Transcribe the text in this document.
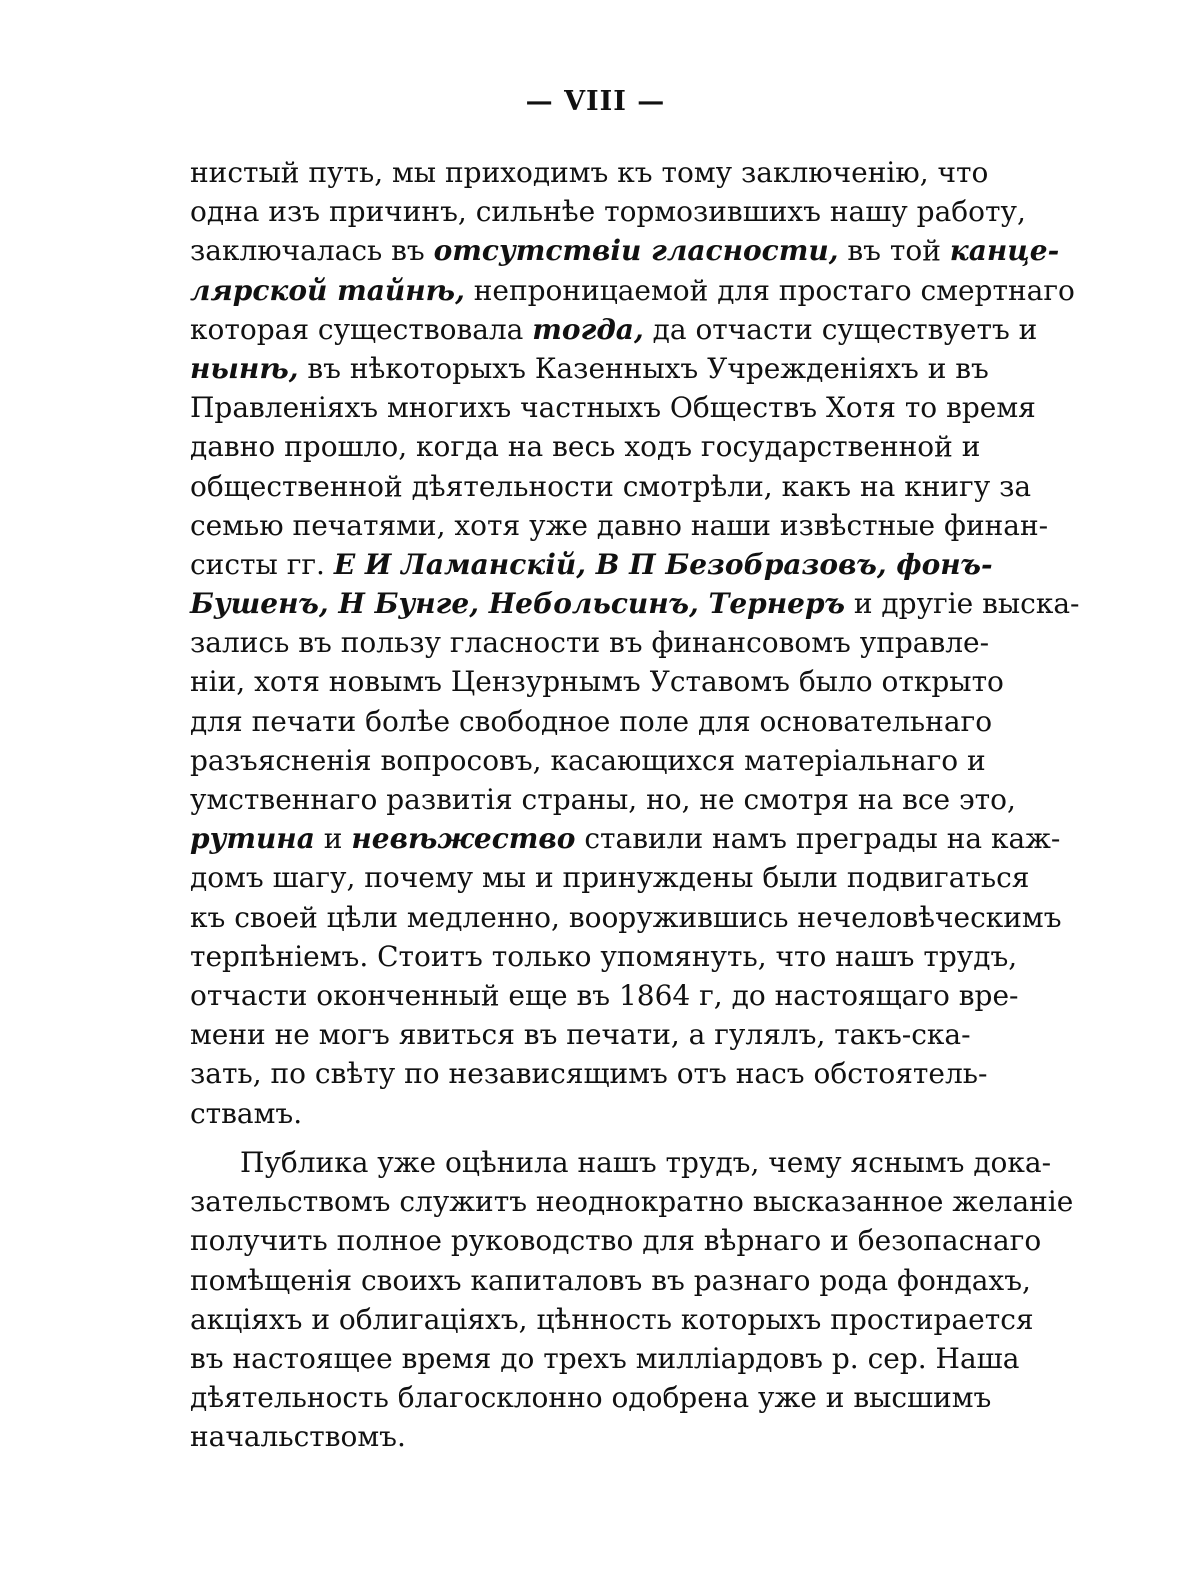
— VIII —
нистый путь, мы приходимъ къ тому заключенію, что
одна изъ причинъ, сильнѣе тормозившихъ нашу работу,
заключалась въ отсутствіи гласности, въ той канце-
лярской тайнѣ, непроницаемой для простаго смертнаго
которая существовала тогда, да отчасти существуетъ и
нынѣ, въ нѣкоторыхъ Казенныхъ Учрежденіяхъ и въ
Правленіяхъ многихъ частныхъ Обществъ Хотя то время
давно прошло, когда на весь ходъ государственной и
общественной дѣятельности смотрѣли, какъ на книгу за
семью печатями, хотя уже давно наши извѣстные финан-
систы гг. Е И Ламанскій, В П Безобразовъ, фонъ-
Бушенъ, Н Бунге, Небольсинъ, Тернеръ и другіе выска-
зались въ пользу гласности въ финансовомъ управле-
ніи, хотя новымъ Цензурнымъ Уставомъ было открыто
для печати болѣе свободное поле для основательнаго
разъясненія вопросовъ, касающихся матеріальнаго и
умственнаго развитія страны, но, не смотря на все это,
рутина и невѣжество ставили намъ преграды на каж-
домъ шагу, почему мы и принуждены были подвигаться
къ своей цѣли медленно, вооружившись нечеловѣческимъ
терпѣніемъ. Стоитъ только упомянуть, что нашъ трудъ,
отчасти оконченный еще въ 1864 г, до настоящаго вре-
мени не могъ явиться въ печати, а гулялъ, такъ-ска-
зать, по свѣту по независящимъ отъ насъ обстоятель-
ствамъ.
Публика уже оцѣнила нашъ трудъ, чему яснымъ дока-
зательствомъ служитъ неоднократно высказанное желаніе
получить полное руководство для вѣрнаго и безопаснаго
помѣщенія своихъ капиталовъ въ разнаго рода фондахъ,
акціяхъ и облигаціяхъ, цѣнность которыхъ простирается
въ настоящее время до трехъ милліардовъ р. сер. Наша
дѣятельность благосклонно одобрена уже и высшимъ
начальствомъ.
